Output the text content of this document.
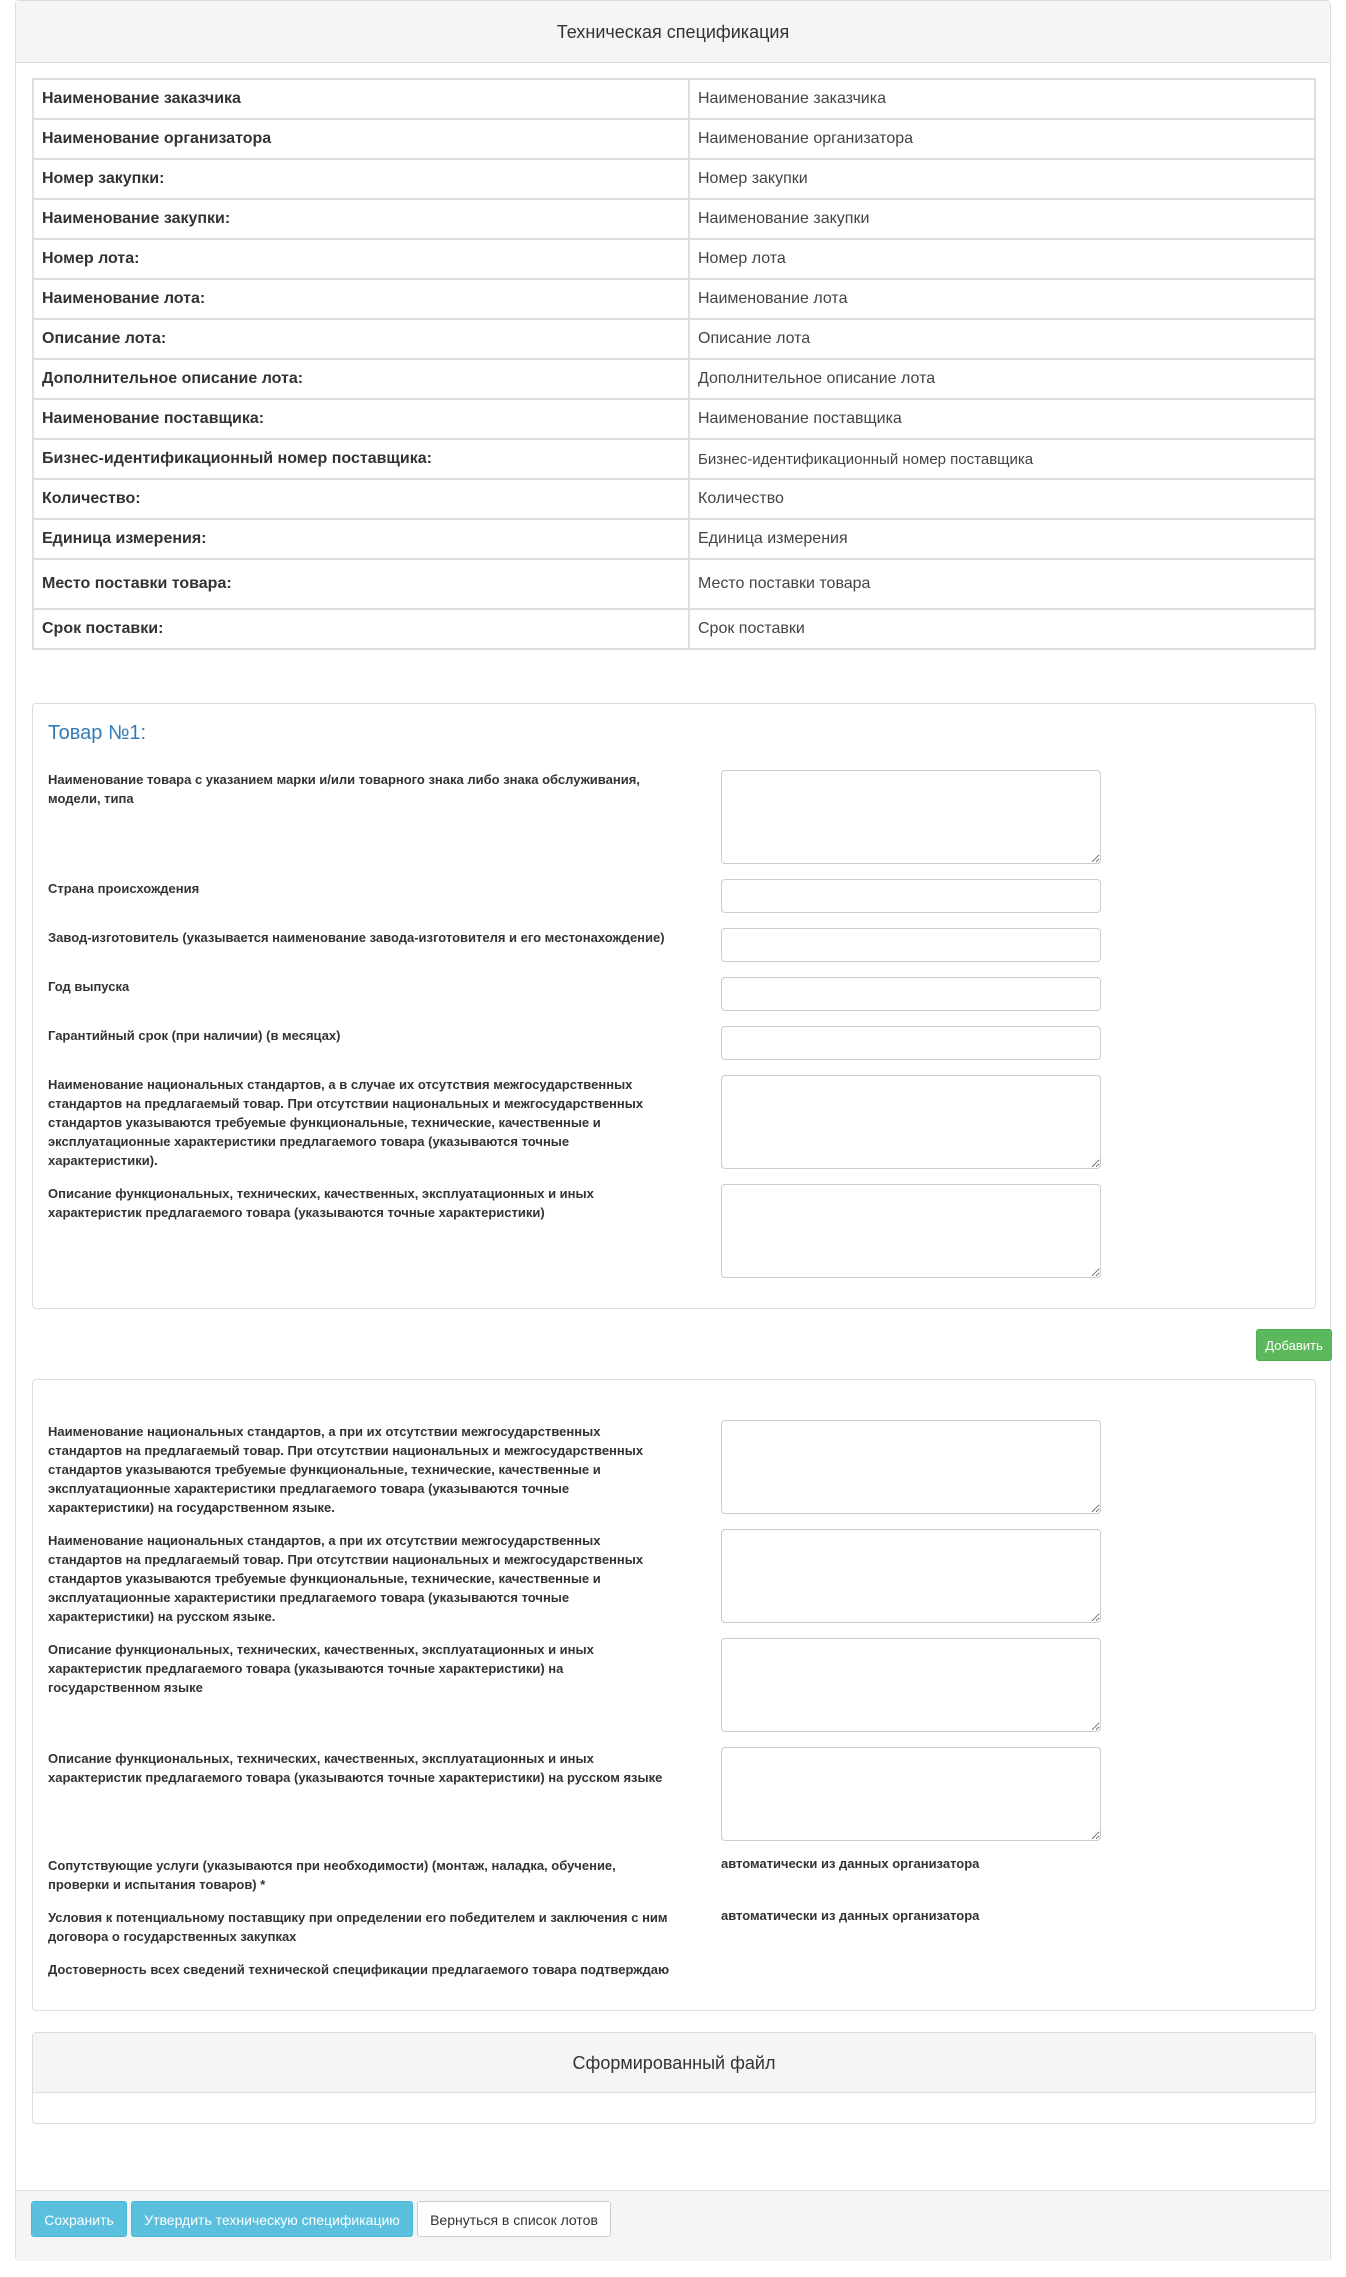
Техническая спецификация
Наименование заказчика	Наименование заказчика
Наименование организатора	Наименование организатора
Номер закупки:	Номер закупки
Наименование закупки:	Наименование закупки
Номер лота:	Номер лота
Наименование лота:	Наименование лота
Описание лота:	Описание лота
Дополнительное описание лота:	Дополнительное описание лота
Наименование поставщика:	Наименование поставщика
Бизнес-идентификационный номер поставщика:	Бизнес-идентификационный номер поставщика
Количество:	Количество
Единица измерения:	Единица измерения
Место поставки товара:	Место поставки товара
Срок поставки:	Срок поставки
Товар №1:
Наименование товара с указанием марки и/или товарного знака либо знака обслуживания, модели, типа
Страна происхождения
Завод-изготовитель (указывается наименование завода-изготовителя и его местонахождение)
Год выпуска
Гарантийный срок (при наличии) (в месяцах)
Наименование национальных стандартов, а в случае их отсутствия межгосударственных стандартов на предлагаемый товар. При отсутствии национальных и межгосударственных стандартов указываются требуемые функциональные, технические, качественные и эксплуатационные характеристики предлагаемого товара (указываются точные характеристики).
Описание функциональных, технических, качественных, эксплуатационных и иных характеристик предлагаемого товара (указываются точные характеристики)
Добавить
Наименование национальных стандартов, а при их отсутствии межгосударственных стандартов на предлагаемый товар. При отсутствии национальных и межгосударственных стандартов указываются требуемые функциональные, технические, качественные и эксплуатационные характеристики предлагаемого товара (указываются точные характеристики) на государственном языке.
Наименование национальных стандартов, а при их отсутствии межгосударственных стандартов на предлагаемый товар. При отсутствии национальных и межгосударственных стандартов указываются требуемые функциональные, технические, качественные и эксплуатационные характеристики предлагаемого товара (указываются точные характеристики) на русском языке.
Описание функциональных, технических, качественных, эксплуатационных и иных характеристик предлагаемого товара (указываются точные характеристики) на государственном языке
Описание функциональных, технических, качественных, эксплуатационных и иных характеристик предлагаемого товара (указываются точные характеристики) на русском языке
Сопутствующие услуги (указываются при необходимости) (монтаж, наладка, обучение, проверки и испытания товаров) *
автоматически из данных организатора
Условия к потенциальному поставщику при определении его победителем и заключения с ним договора о государственных закупках
автоматически из данных организатора
Достоверность всех сведений технической спецификации предлагаемого товара подтверждаю
Сформированный файл
Сохранить	Утвердить техническую спецификацию	Вернуться в список лотов
